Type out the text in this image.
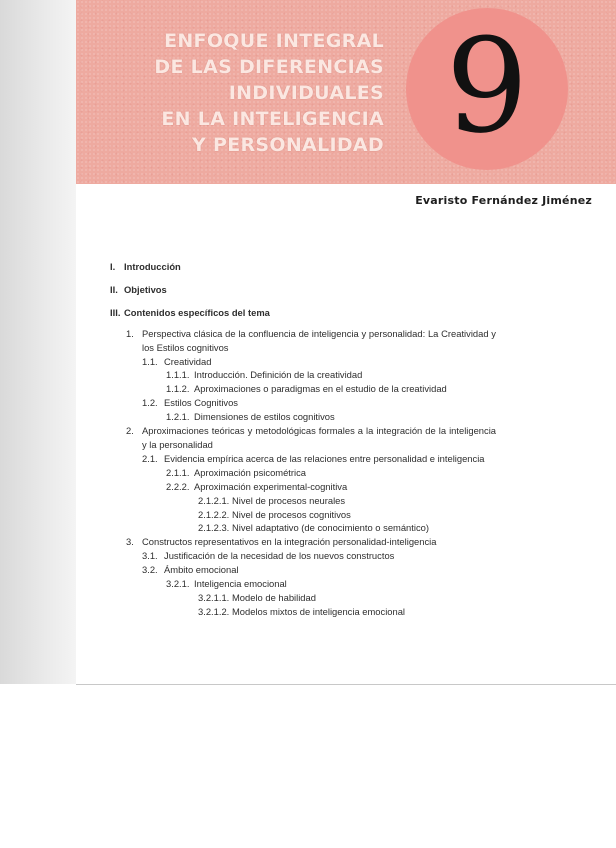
ENFOQUE INTEGRAL
DE LAS DIFERENCIAS
INDIVIDUALES
EN LA INTELIGENCIA
Y PERSONALIDAD 9

Evaristo Fernández Jiménez

I. Introducción
II. Objetivos
III. Contenidos específicos del tema
1. Perspectiva clásica de la confluencia de inteligencia y personalidad: La Creatividad y los Estilos cognitivos
1.1. Creatividad
1.1.1. Introducción. Definición de la creatividad
1.1.2. Aproximaciones o paradigmas en el estudio de la creatividad
1.2. Estilos Cognitivos
1.2.1. Dimensiones de estilos cognitivos
2. Aproximaciones teóricas y metodológicas formales a la integración de la inteligencia y la personalidad
2.1. Evidencia empírica acerca de las relaciones entre personalidad e inteligencia
2.1.1. Aproximación psicométrica
2.2.2. Aproximación experimental-cognitiva
2.1.2.1. Nivel de procesos neurales
2.1.2.2. Nivel de procesos cognitivos
2.1.2.3. Nivel adaptativo (de conocimiento o semántico)
3. Constructos representativos en la integración personalidad-inteligencia
3.1. Justificación de la necesidad de los nuevos constructos
3.2. Ámbito emocional
3.2.1. Inteligencia emocional
3.2.1.1. Modelo de habilidad
3.2.1.2. Modelos mixtos de inteligencia emocional
